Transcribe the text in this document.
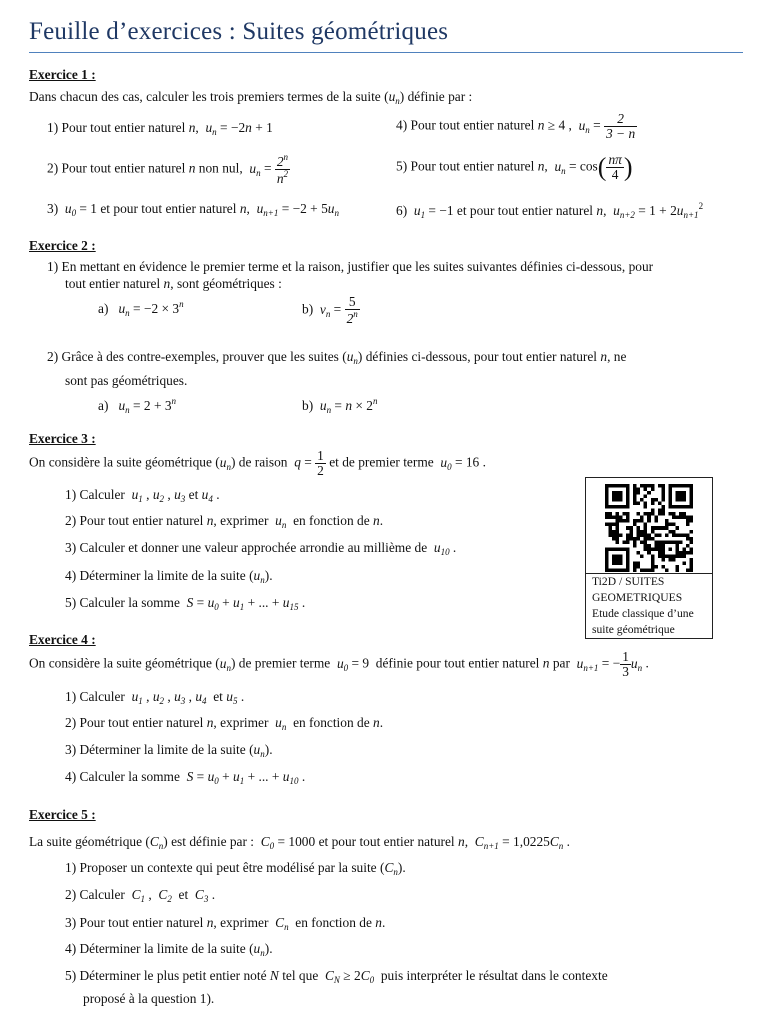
Feuille d’exercices : Suites géométriques
Exercice 1 :
Dans chacun des cas, calculer les trois premiers termes de la suite $(u_n)$ définie par :
1) Pour tout entier naturel n,  $u_n = -2n + 1$	4) Pour tout entier naturel n ≥ 4 ,  $u_n = \frac{2}{3 - n}$
2) Pour tout entier naturel n non nul, $u_n = \frac{2^n}{n^2}$	5) Pour tout entier naturel n,  $u_n = \cos( \frac{n\pi}{4}$ )
3) $u_0 = 1$ et pour tout entier naturel n,  $u_{n+1} = -2 + 5u_n$	6) $u_1 = -1$ et pour tout entier naturel n,  $u_{n+2} = 1 + 2u_{n+1}^2$
Exercice 2 :
1) En mettant en évidence le premier terme et la raison, justifier que les suites suivantes définies ci-dessous, pour
tout entier naturel n, sont géométriques :
a)   $u_n = -2 \times 3^n$	b)  $v_n = \frac{5}{2^n}$
2) Grâce à des contre-exemples, prouver que les suites $(u_n)$ définies ci-dessous, pour tout entier naturel n, ne
sont pas géométriques.
a)   $u_n = 2 + 3^n$	b)  $u_n = n \times 2^n$
Exercice 3 :
On considère la suite géométrique $(u_n)$ de raison $q = \frac{1}{2}$ et de premier terme $u_0 = 16$ .
1) Calculer $u_1$ , $u_2$ , $u_3$ et $u_4$ .
2) Pour tout entier naturel n, exprimer $u_n$ en fonction de n.
3) Calculer et donner une valeur approchée arrondie au millième de $u_{10}$ .
4) Déterminer la limite de la suite $(u_n)$.
5) Calculer la somme $S = u_0 + u_1$ + ... + $u_{15}$ .
Ti2D / SUITES
GEOMETRIQUES
Etude classique d’une
suite géométrique
Exercice 4 :
On considère la suite géométrique $(u_n)$ de premier terme $u_0 = 9$  définie pour tout entier naturel n par $u_{n+1}$ = − $\frac{1}{3} u_n$ .
1) Calculer $u_1$ , $u_2$ , $u_3$ , $u_4$ et $u_5$ .
2) Pour tout entier naturel n, exprimer $u_n$ en fonction de n.
3) Déterminer la limite de la suite $(u_n)$.
4) Calculer la somme $S = u_0 + u_1$ + ... + $u_{10}$ .
Exercice 5 :
La suite géométrique $(C_n)$ est définie par : $C_0 = 1000$ et pour tout entier naturel n,  $C_{n+1} = 1,0225C_n$ .
1) Proposer un contexte qui peut être modélisé par la suite $(C_n)$.
2) Calculer $C_1$ ,  $C_2$ et $C_3$ .
3) Pour tout entier naturel n, exprimer $C_n$ en fonction de n.
4) Déterminer la limite de la suite $(u_n)$.
5) Déterminer le plus petit entier noté N tel que $C_N \ge 2C_0$ puis interpréter le résultat dans le contexte
proposé à la question 1).
